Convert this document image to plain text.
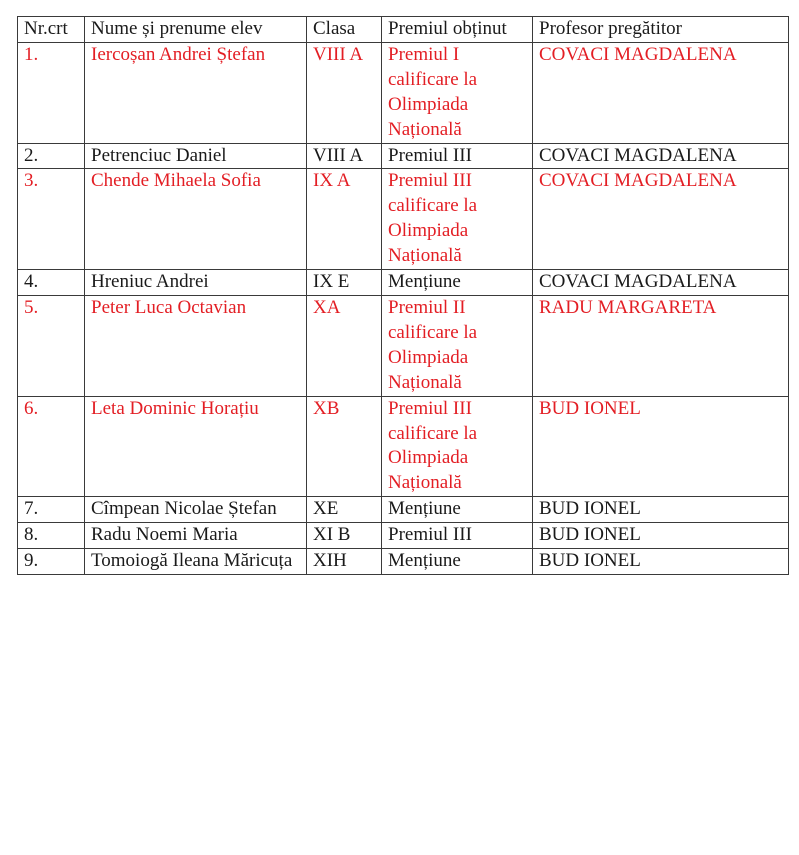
Nr.crt	Nume și prenume elev	Clasa	Premiul obținut	Profesor pregătitor
1.	Iercoșan Andrei Ștefan	VIII A	Premiul I calificare la Olimpiada Națională	COVACI MAGDALENA
2.	Petrenciuc Daniel	VIII A	Premiul III	COVACI MAGDALENA
3.	Chende Mihaela Sofia	IX A	Premiul III calificare la Olimpiada Națională	COVACI MAGDALENA
4.	Hreniuc Andrei	IX E	Mențiune	COVACI MAGDALENA
5.	Peter Luca Octavian	XA	Premiul II calificare la Olimpiada Națională	RADU MARGARETA
6.	Leta Dominic Horațiu	XB	Premiul III calificare la Olimpiada Națională	BUD IONEL
7.	Cîmpean Nicolae Ștefan	XE	Mențiune	BUD IONEL
8.	Radu Noemi Maria	XI B	Premiul III	BUD IONEL
9.	Tomoiogă Ileana Măricuța	XIH	Mențiune	BUD IONEL
